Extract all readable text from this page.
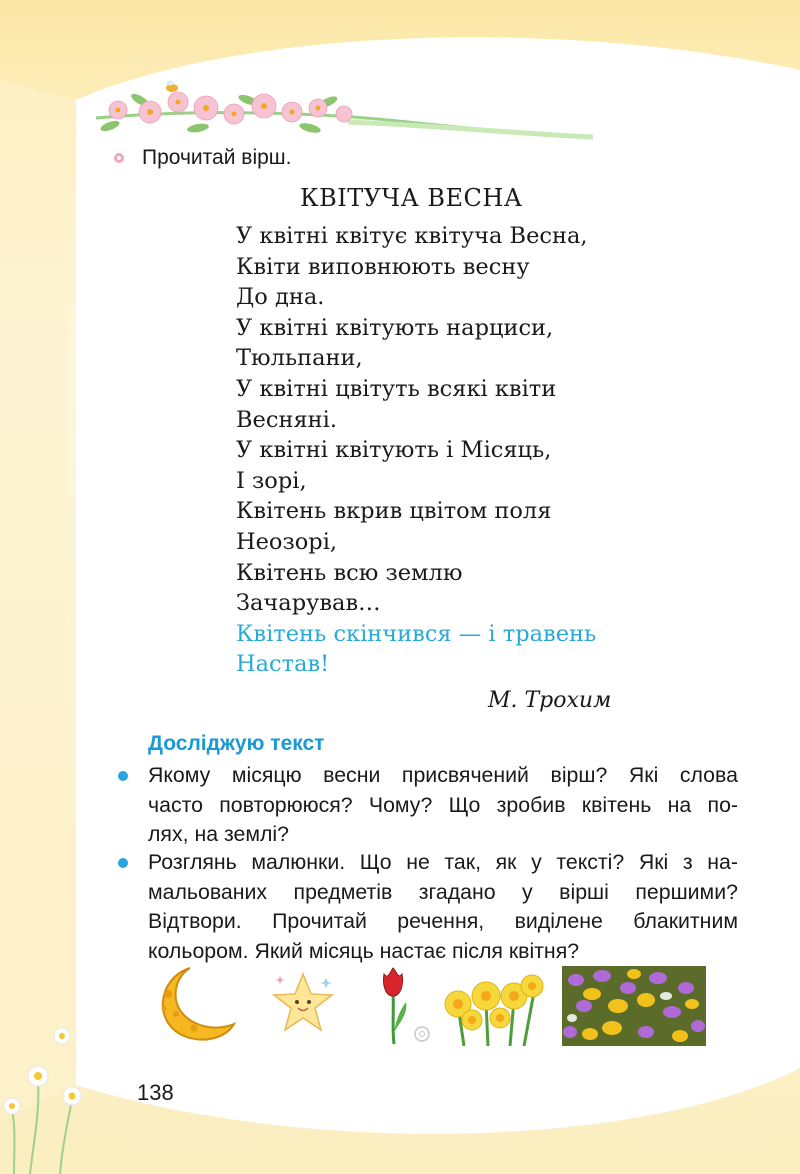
Прочитай вірш.
КВІТУЧА ВЕСНА
У квітні квітує квітуча Весна,
Квіти виповнюють весну
До дна.
У квітні квітують нарциси,
Тюльпани,
У квітні цвітуть всякі квіти
Весняні.
У квітні квітують і Місяць,
І зорі,
Квітень вкрив цвітом поля
Неозорі,
Квітень всю землю
Зачарував…
Квітень скінчився — і травень
Настав!
М. Трохим
Досліджую текст
Якому місяцю весни присвячений вірш? Які слова
часто повторююся? Чому? Що зробив квітень на по-
лях, на землі?
Розглянь малюнки. Що не так, як у тексті? Які з на-
мальованих предметів згадано у вірші першими?
Відтвори. Прочитай речення, виділене блакитним
кольором. Який місяць настає після квітня?
138
